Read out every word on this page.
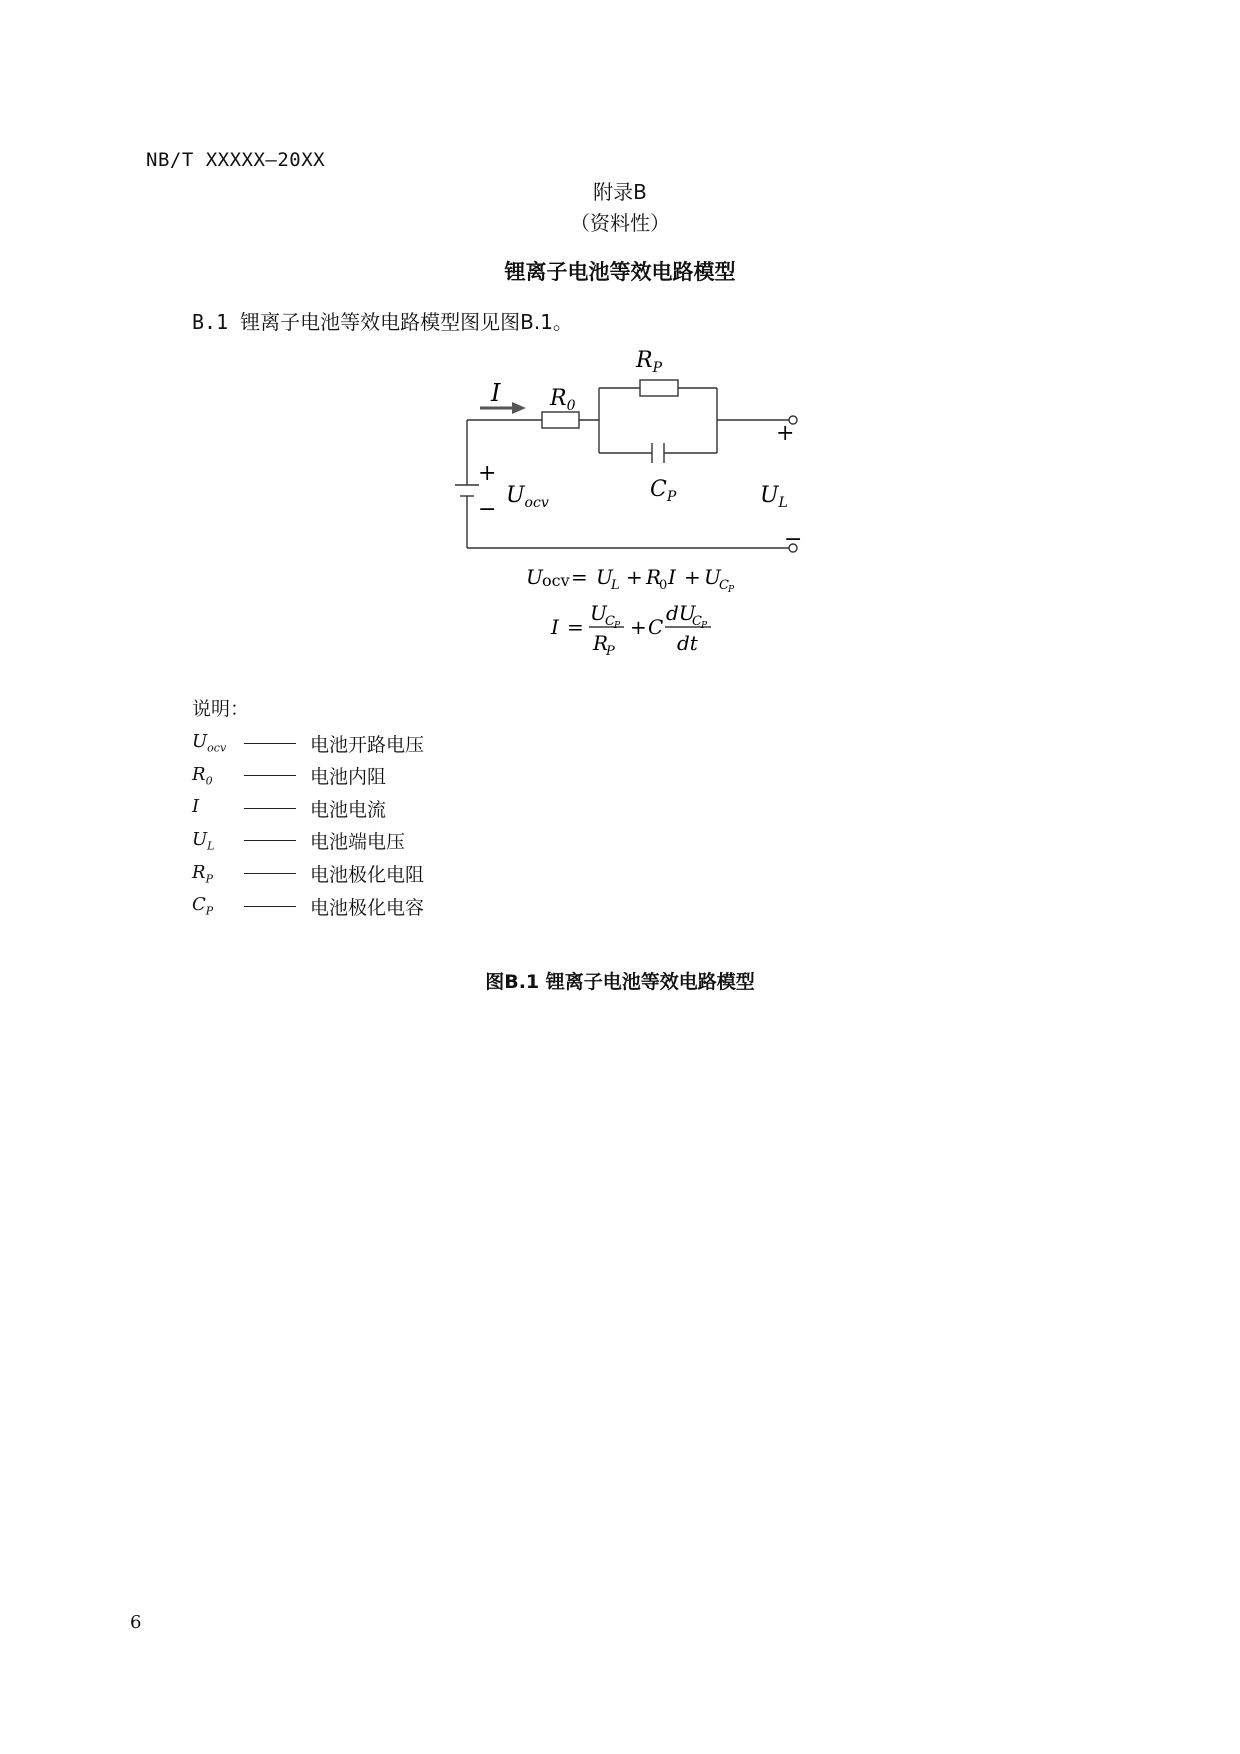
NB/T XXXXX—20XX
附录B
（资料性）
锂离子电池等效电路模型
B.1 锂离子电池等效电路模型图见图B.1。
I $R_0$
$R_P$
$C_P$
$U_{ocv}$	$U_L$
+
−
+
−
U ocv = U
L + R
0 I + U
C P
I =
U
C P
R
P
+ C
dU
C P
dt
说明：
$U_{ocv}$	电池开路电压
$R_0$	电池内阻
I	电池电流
$U_L$	电池端电压
$R_P$	电池极化电阻
$C_P$	电池极化电容
图B.1 锂离子电池等效电路模型
6
